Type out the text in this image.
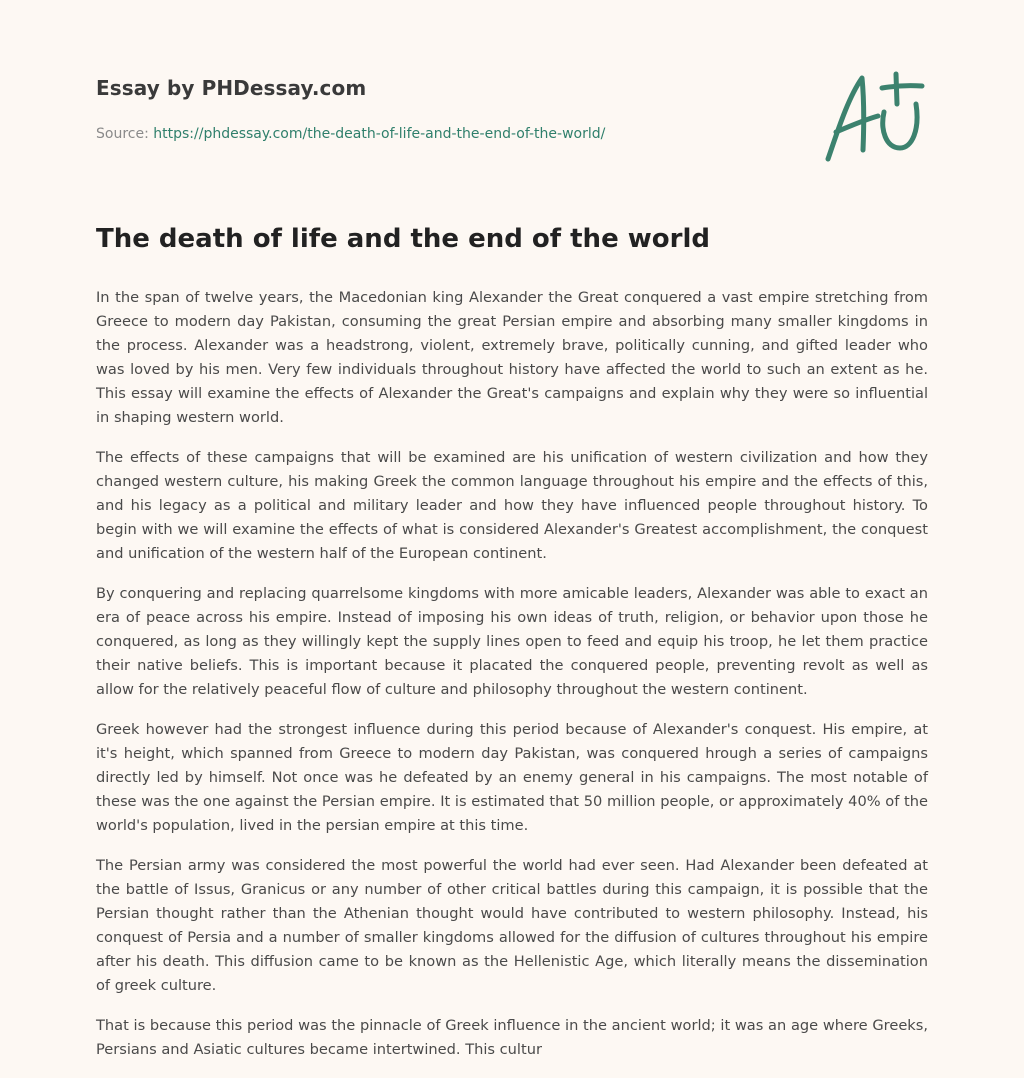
Essay by PHDessay.com
Source: https://phdessay.com/the-death-of-life-and-the-end-of-the-world/
The death of life and the end of the world

In the span of twelve years, the Macedonian king Alexander the Great conquered a vast empire stretching from Greece to modern day Pakistan, consuming the great Persian empire and absorbing many smaller kingdoms in the process. Alexander was a headstrong, violent, extremely brave, politically cunning, and gifted leader who was loved by his men. Very few individuals throughout history have affected the world to such an extent as he. This essay will examine the effects of Alexander the Great's campaigns and explain why they were so influential in shaping western world.

The effects of these campaigns that will be examined are his unification of western civilization and how they changed western culture, his making Greek the common language throughout his empire and the effects of this, and his legacy as a political and military leader and how they have influenced people throughout history. To begin with we will examine the effects of what is considered Alexander's Greatest accomplishment, the conquest and unification of the western half of the European continent.

By conquering and replacing quarrelsome kingdoms with more amicable leaders, Alexander was able to exact an era of peace across his empire. Instead of imposing his own ideas of truth, religion, or behavior upon those he conquered, as long as they willingly kept the supply lines open to feed and equip his troop, he let them practice their native beliefs. This is important because it placated the conquered people, preventing revolt as well as allow for the relatively peaceful flow of culture and philosophy throughout the western continent.

Greek however had the strongest influence during this period because of Alexander's conquest. His empire, at it's height, which spanned from Greece to modern day Pakistan, was conquered hrough a series of campaigns directly led by himself. Not once was he defeated by an enemy general in his campaigns. The most notable of these was the one against the Persian empire. It is estimated that 50 million people, or approximately 40% of the world's population, lived in the persian empire at this time.

The Persian army was considered the most powerful the world had ever seen. Had Alexander been defeated at the battle of Issus, Granicus or any number of other critical battles during this campaign, it is possible that the Persian thought rather than the Athenian thought would have contributed to western philosophy. Instead, his conquest of Persia and a number of smaller kingdoms allowed for the diffusion of cultures throughout his empire after his death. This diffusion came to be known as the Hellenistic Age, which literally means the dissemination of greek culture.

That is because this period was the pinnacle of Greek influence in the ancient world; it was an age where Greeks, Persians and Asiatic cultures became intertwined. This cultur
